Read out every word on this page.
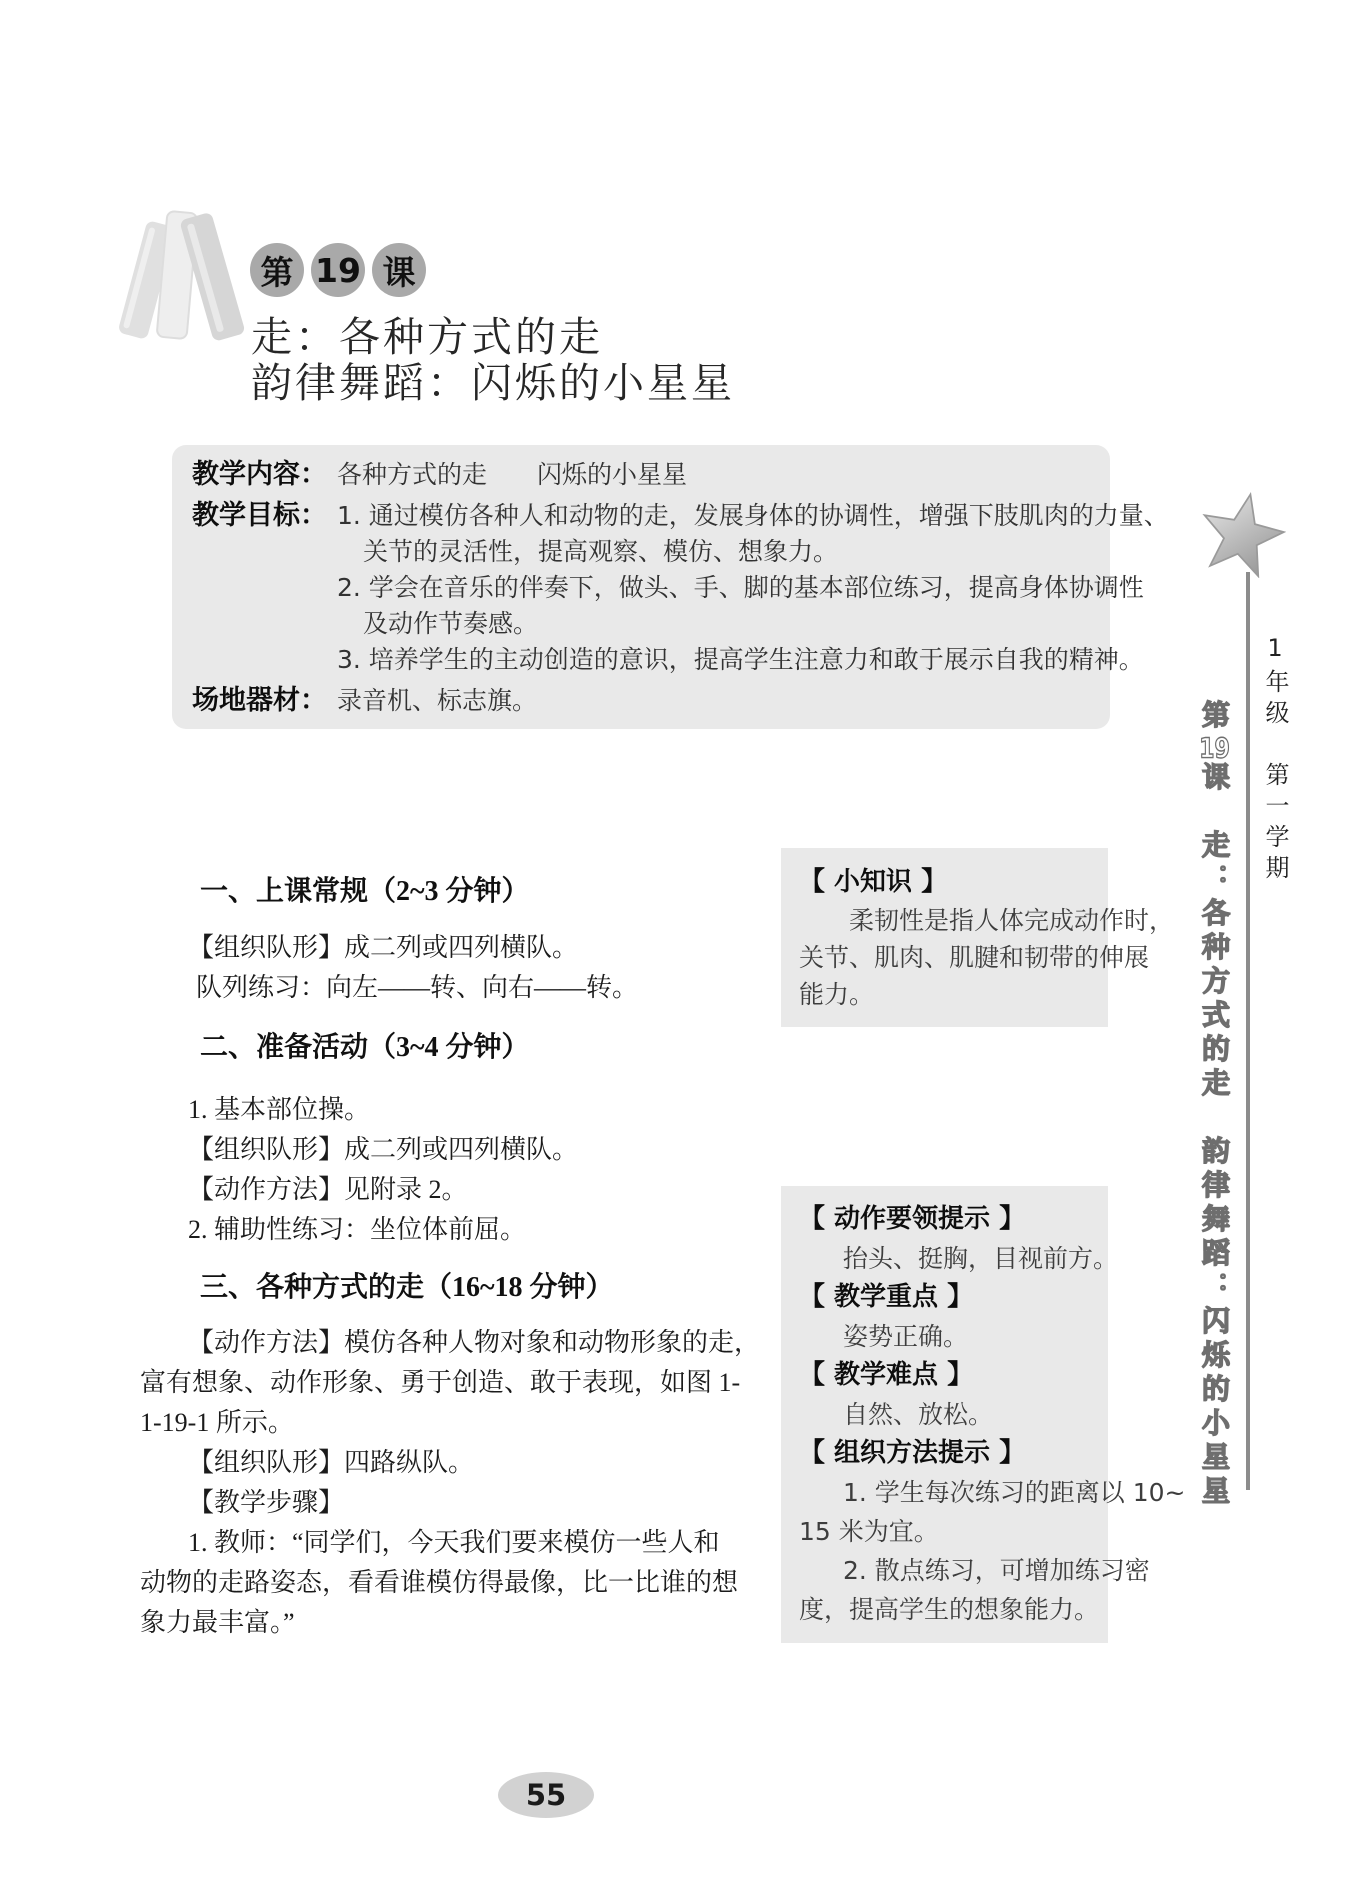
第 19 课
走：各种方式的走
韵律舞蹈：闪烁的小星星
教学内容： 各种方式的走　　闪烁的小星星
教学目标： 1. 通过模仿各种人和动物的走，发展身体的协调性，增强下肢肌肉的力量、
关节的灵活性，提高观察、模仿、想象力。
2. 学会在音乐的伴奏下，做头、手、脚的基本部位练习，提高身体协调性
及动作节奏感。
3. 培养学生的主动创造的意识，提高学生注意力和敢于展示自我的精神。
场地器材： 录音机、标志旗。	1年级　第一学期
第19课　走：各种方式的走　韵律舞蹈：闪烁的小星星
一、上课常规（2~3 分钟）
【组织队形】成二列或四列横队。
队列练习：向左——转、向右——转。
二、准备活动（3~4 分钟）
1. 基本部位操。
【组织队形】成二列或四列横队。
【动作方法】见附录 2。
2. 辅助性练习：坐位体前屈。
三、各种方式的走（16~18 分钟）
【动作方法】模仿各种人物对象和动物形象的走，
富有想象、动作形象、勇于创造、敢于表现，如图 1-
1-19-1 所示。
【组织队形】四路纵队。
【教学步骤】
1. 教师：“同学们，今天我们要来模仿一些人和
动物的走路姿态，看看谁模仿得最像，比一比谁的想
象力最丰富。”
【 小知识 】
柔韧性是指人体完成动作时，
关节、肌肉、肌腱和韧带的伸展
能力。
【 动作要领提示 】
抬头、挺胸，目视前方。
【 教学重点 】
姿势正确。
【 教学难点 】
自然、放松。
【 组织方法提示 】
1. 学生每次练习的距离以 10~
15 米为宜。
2. 散点练习，可增加练习密
度，提高学生的想象能力。
55
